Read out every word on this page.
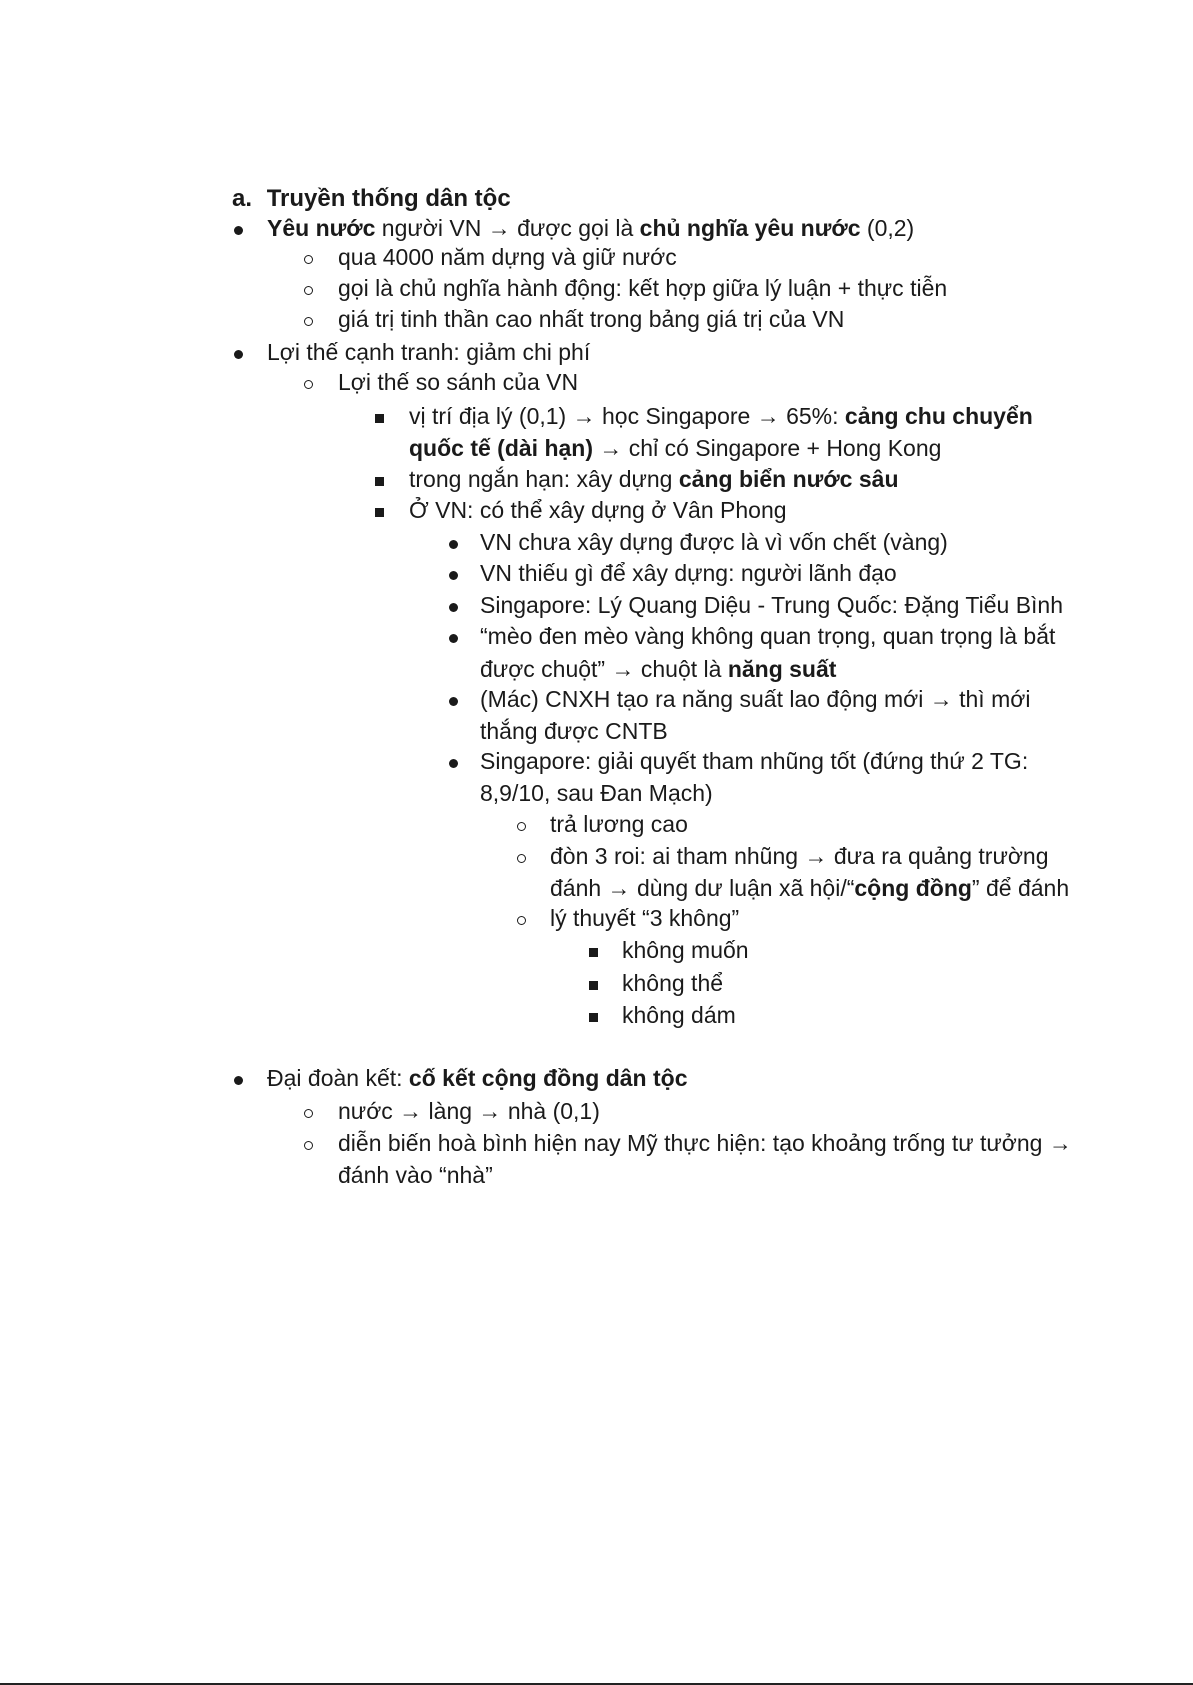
a. Truyền thống dân tộc
Yêu nước người VN → được gọi là chủ nghĩa yêu nước (0,2)
qua 4000 năm dựng và giữ nước
gọi là chủ nghĩa hành động: kết hợp giữa lý luận + thực tiễn
giá trị tinh thần cao nhất trong bảng giá trị của VN
Lợi thế cạnh tranh: giảm chi phí
Lợi thế so sánh của VN
vị trí địa lý (0,1) → học Singapore → 65%: cảng chu chuyển
quốc tế (dài hạn) → chỉ có Singapore + Hong Kong
trong ngắn hạn: xây dựng cảng biển nước sâu
Ở VN: có thể xây dựng ở Vân Phong
VN chưa xây dựng được là vì vốn chết (vàng)
VN thiếu gì để xây dựng: người lãnh đạo
Singapore: Lý Quang Diệu - Trung Quốc: Đặng Tiểu Bình
“mèo đen mèo vàng không quan trọng, quan trọng là bắt
được chuột” → chuột là năng suất
(Mác) CNXH tạo ra năng suất lao động mới → thì mới
thắng được CNTB
Singapore: giải quyết tham nhũng tốt (đứng thứ 2 TG:
8,9/10, sau Đan Mạch)
trả lương cao
đòn 3 roi: ai tham nhũng → đưa ra quảng trường
đánh → dùng dư luận xã hội/“cộng đồng” để đánh
lý thuyết “3 không”
không muốn
không thể
không dám
Đại đoàn kết: cố kết cộng đồng dân tộc
nước → làng → nhà (0,1)
diễn biến hoà bình hiện nay Mỹ thực hiện: tạo khoảng trống tư tưởng →
đánh vào “nhà”
